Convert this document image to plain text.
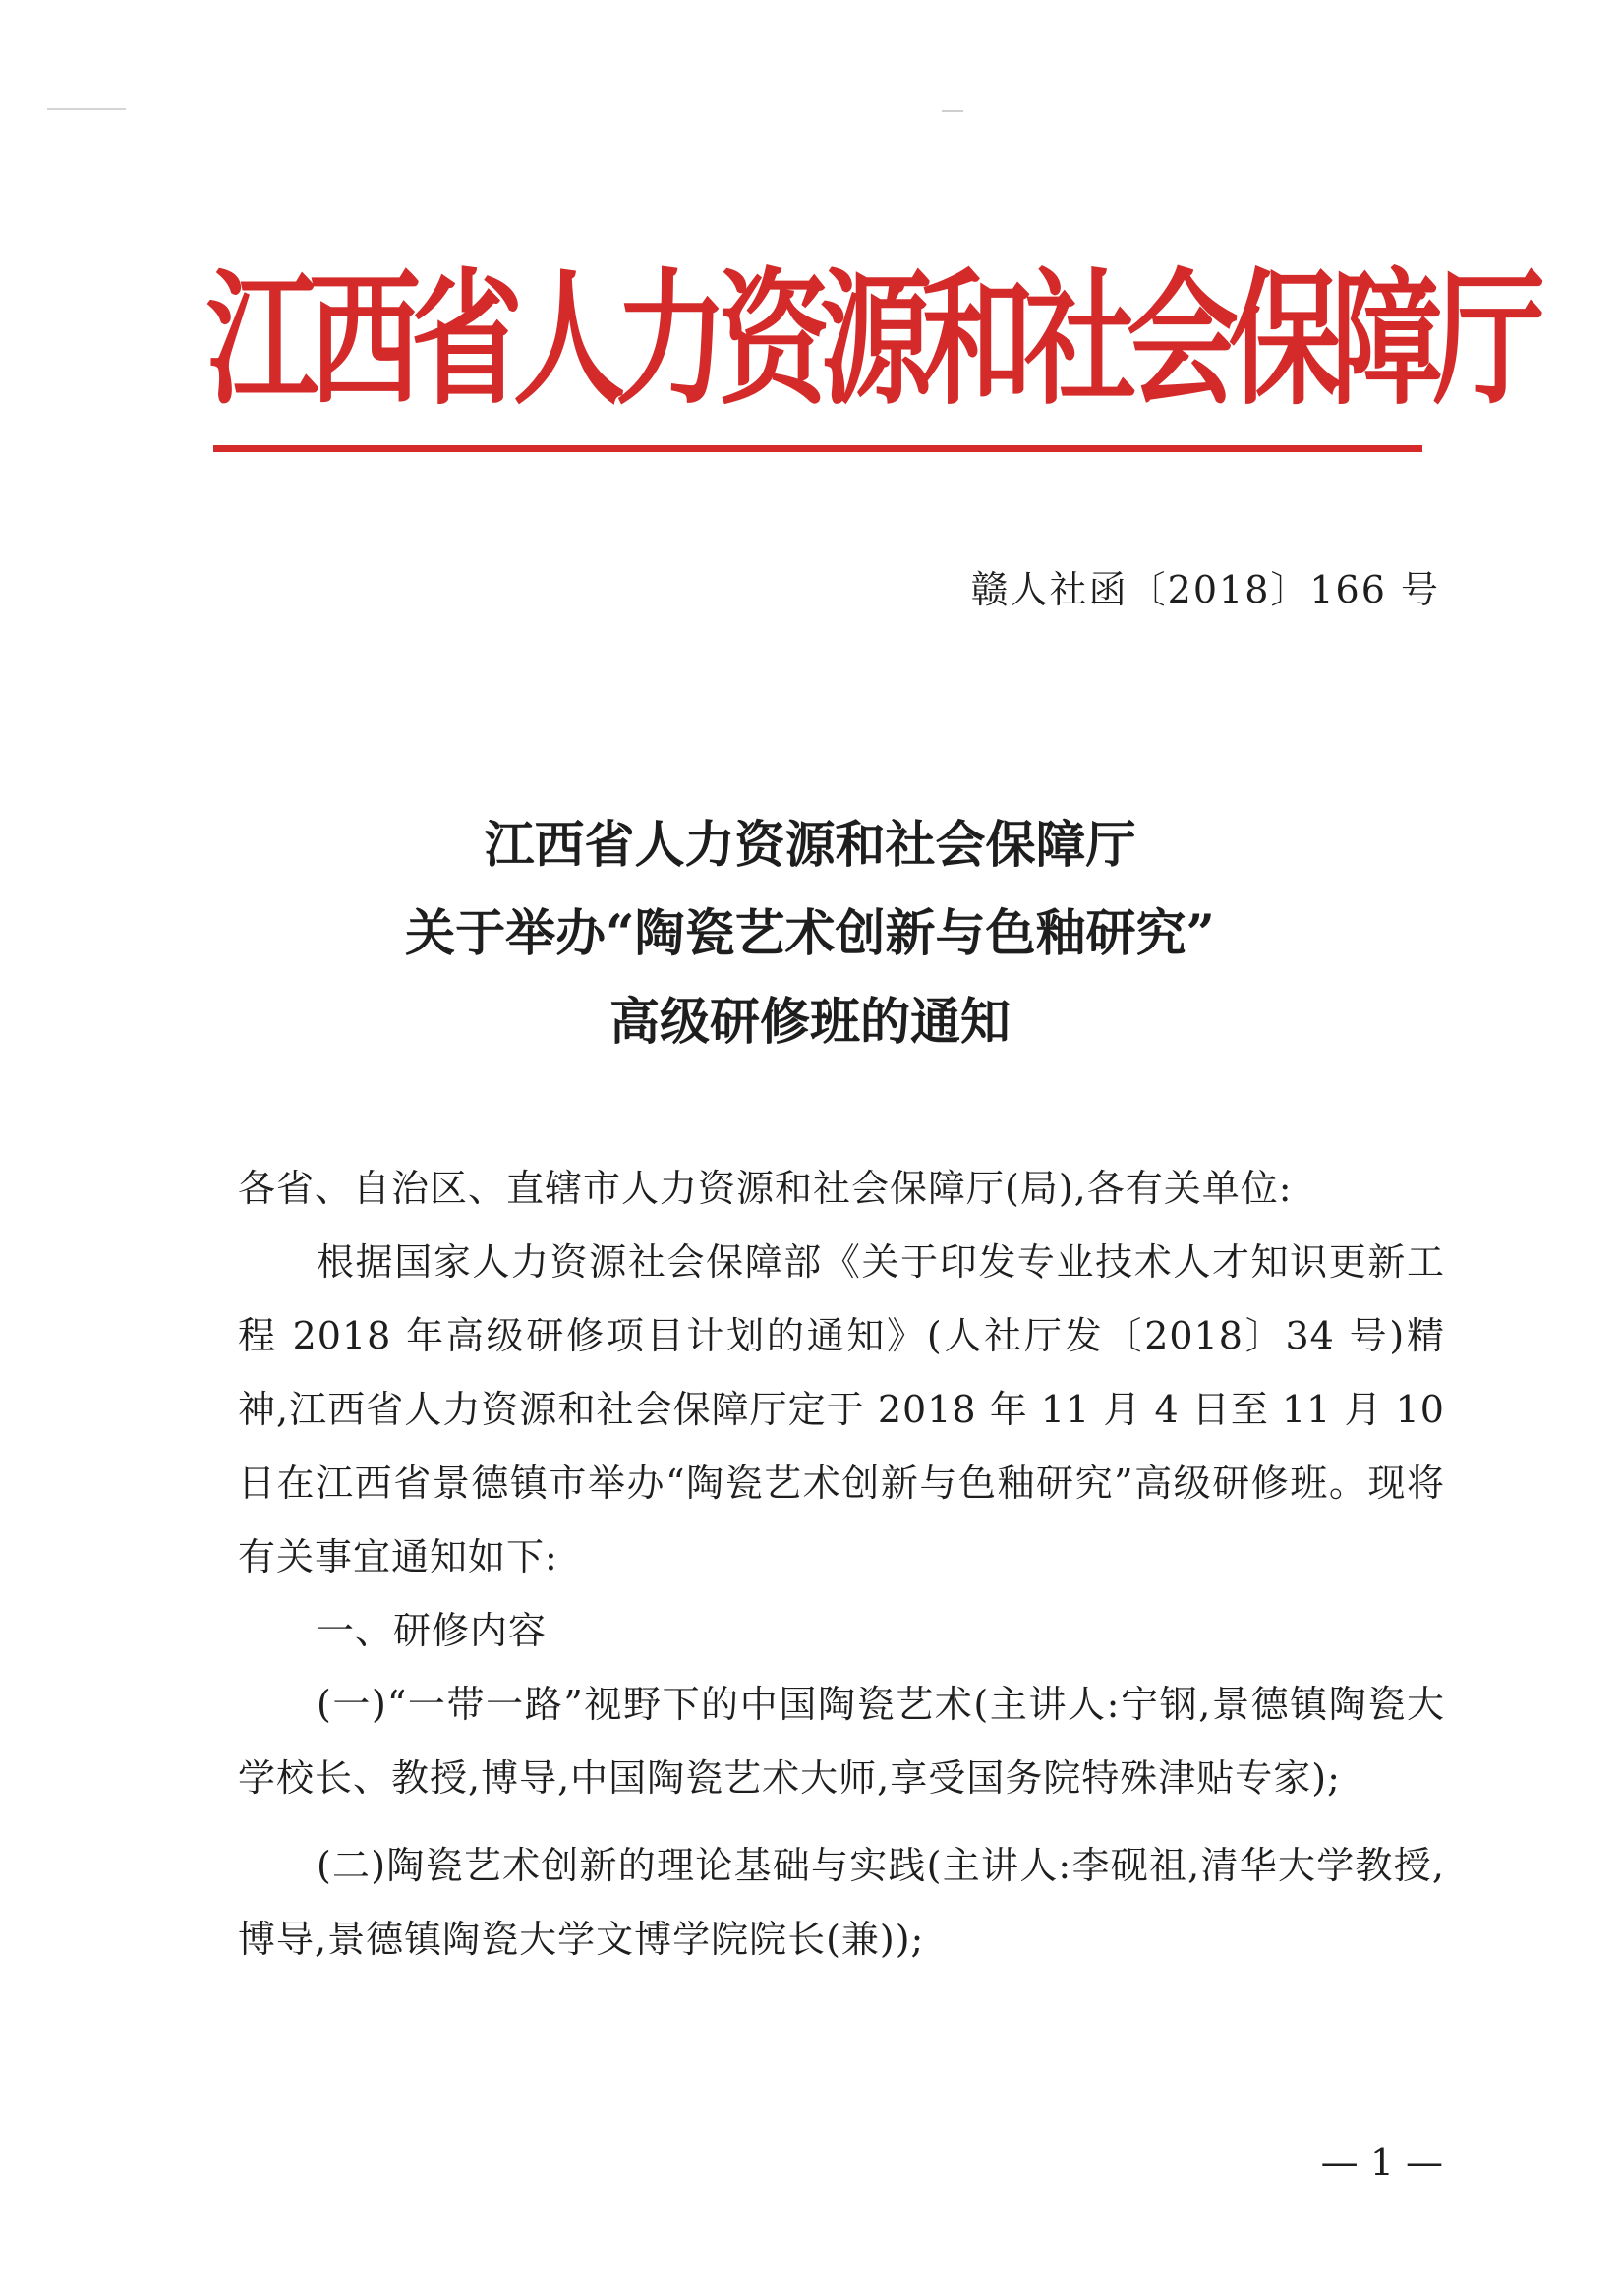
江西省人力资源和社会保障厅
赣人社函〔2018〕166 号
江西省人力资源和社会保障厅
关于举办“陶瓷艺术创新与色釉研究”
高级研修班的通知

各省、自治区、直辖市人力资源和社会保障厅(局),各有关单位:

根据国家人力资源社会保障部《关于印发专业技术人才知识更新工程 2018 年高级研修项目计划的通知》(人社厅发〔2018〕34 号)精神,江西省人力资源和社会保障厅定于 2018 年 11 月 4 日至 11 月 10 日在江西省景德镇市举办“陶瓷艺术创新与色釉研究”高级研修班。现将有关事宜通知如下:

一、研修内容

(一)“一带一路”视野下的中国陶瓷艺术(主讲人:宁钢,景德镇陶瓷大学校长、教授,博导,中国陶瓷艺术大师,享受国务院特殊津贴专家);

(二)陶瓷艺术创新的理论基础与实践(主讲人:李砚祖,清华大学教授,博导,景德镇陶瓷大学文博学院院长(兼));

— 1 —
